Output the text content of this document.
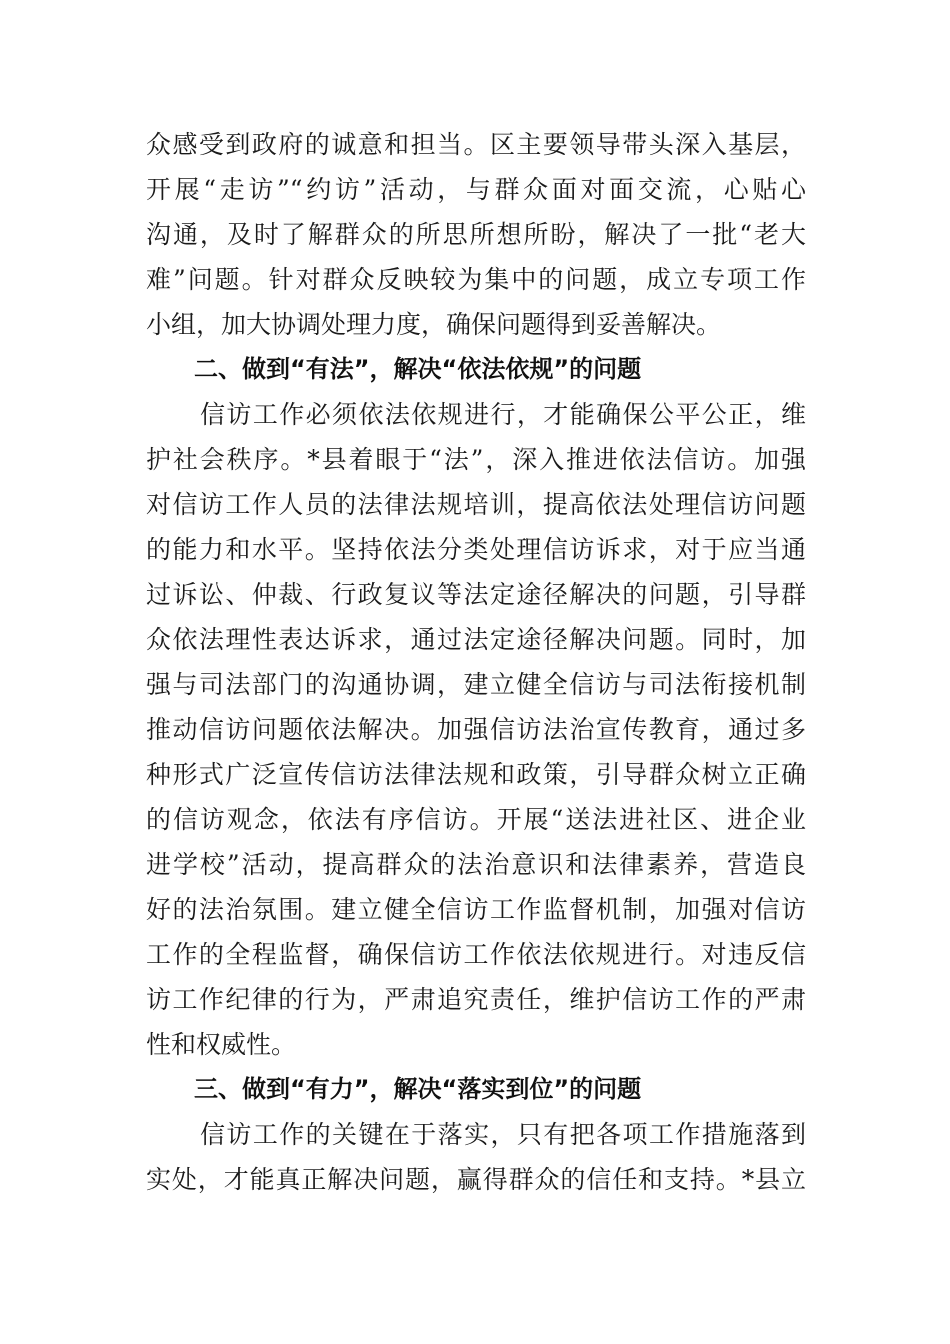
众感受到政府的诚意和担当。区主要领导带头深入基层，
开展“走访”“约访”活动，与群众面对面交流，心贴心
沟通，及时了解群众的所思所想所盼，解决了一批“老大
难”问题。针对群众反映较为集中的问题，成立专项工作
小组，加大协调处理力度，确保问题得到妥善解决。
二、做到“有法”，解决“依法依规”的问题
信访工作必须依法依规进行，才能确保公平公正，维
护社会秩序。*县着眼于“法”，深入推进依法信访。加强
对信访工作人员的法律法规培训，提高依法处理信访问题
的能力和水平。坚持依法分类处理信访诉求，对于应当通
过诉讼、仲裁、行政复议等法定途径解决的问题，引导群
众依法理性表达诉求，通过法定途径解决问题。同时，加
强与司法部门的沟通协调，建立健全信访与司法衔接机制
推动信访问题依法解决。加强信访法治宣传教育，通过多
种形式广泛宣传信访法律法规和政策，引导群众树立正确
的信访观念，依法有序信访。开展“送法进社区、进企业
进学校”活动，提高群众的法治意识和法律素养，营造良
好的法治氛围。建立健全信访工作监督机制，加强对信访
工作的全程监督，确保信访工作依法依规进行。对违反信
访工作纪律的行为，严肃追究责任，维护信访工作的严肃
性和权威性。
三、做到“有力”，解决“落实到位”的问题
信访工作的关键在于落实，只有把各项工作措施落到
实处，才能真正解决问题，赢得群众的信任和支持。*县立
